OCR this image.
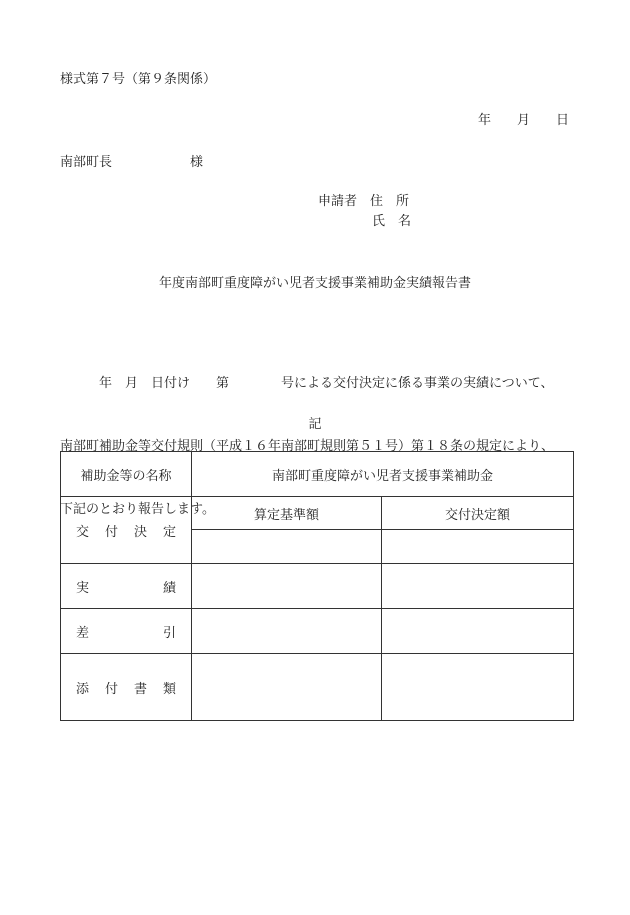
様式第７号（第９条関係）
年　　月　　日
南部町長　　　　　　様
申請者　住　所
氏　名
年度南部町重度障がい児者支援事業補助金実績報告書

　　　年　月　日付け　　第　　　　号による交付決定に係る事業の実績について、

南部町補助金等交付規則（平成１６年南部町規則第５１号）第１８条の規定により、

下記のとおり報告します。

記
補助金等の名称	南部町重度障がい児者支援事業補助金	

交 付 決 定	算定基準額	交付決定額

実 績		

差 引		

添 付 書 類		
